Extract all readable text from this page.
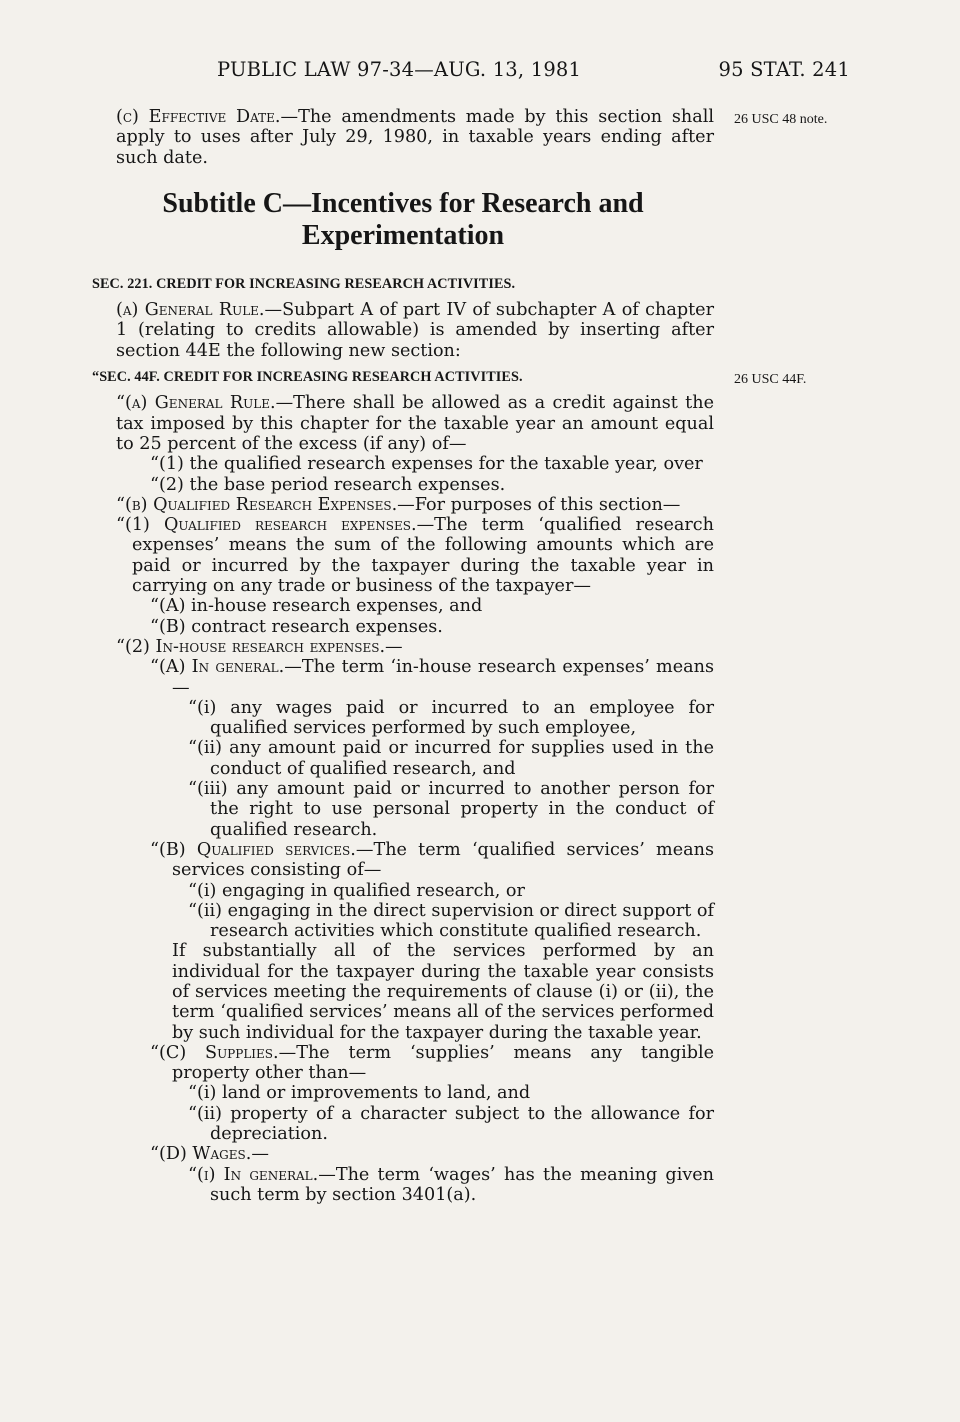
PUBLIC LAW 97-34—AUG. 13, 1981	95 STAT. 241
26 USC 48 note.
26 USC 44F.

(c) Effective Date.—The amendments made by this section shall apply to uses after July 29, 1980, in taxable years ending after such date.

Subtitle C—Incentives for Research and
Experimentation

SEC. 221. CREDIT FOR INCREASING RESEARCH ACTIVITIES.

(a) General Rule.—Subpart A of part IV of subchapter A of chapter 1 (relating to credits allowable) is amended by inserting after section 44E the following new section:

“SEC. 44F. CREDIT FOR INCREASING RESEARCH ACTIVITIES.

“(a) General Rule.—There shall be allowed as a credit against the tax imposed by this chapter for the taxable year an amount equal to 25 percent of the excess (if any) of—

“(1) the qualified research expenses for the taxable year, over

“(2) the base period research expenses.

“(b) Qualified Research Expenses.—For purposes of this section—

“(1) Qualified research expenses.—The term ‘qualified research expenses’ means the sum of the following amounts which are paid or incurred by the taxpayer during the taxable year in carrying on any trade or business of the taxpayer—

“(A) in-house research expenses, and

“(B) contract research expenses.

“(2) In-house research expenses.—

“(A) In general.—The term ‘in-house research expenses’ means—

“(i) any wages paid or incurred to an employee for qualified services performed by such employee,

“(ii) any amount paid or incurred for supplies used in the conduct of qualified research, and

“(iii) any amount paid or incurred to another person for the right to use personal property in the conduct of qualified research.

“(B) Qualified services.—The term ‘qualified services’ means services consisting of—

“(i) engaging in qualified research, or

“(ii) engaging in the direct supervision or direct support of research activities which constitute qualified research.

If substantially all of the services performed by an individual for the taxpayer during the taxable year consists of services meeting the requirements of clause (i) or (ii), the term ‘qualified services’ means all of the services performed by such individual for the taxpayer during the taxable year.

“(C) Supplies.—The term ‘supplies’ means any tangible property other than—

“(i) land or improvements to land, and

“(ii) property of a character subject to the allowance for depreciation.

“(D) Wages.—

“(i) In general.—The term ‘wages’ has the meaning given such term by section 3401(a).
